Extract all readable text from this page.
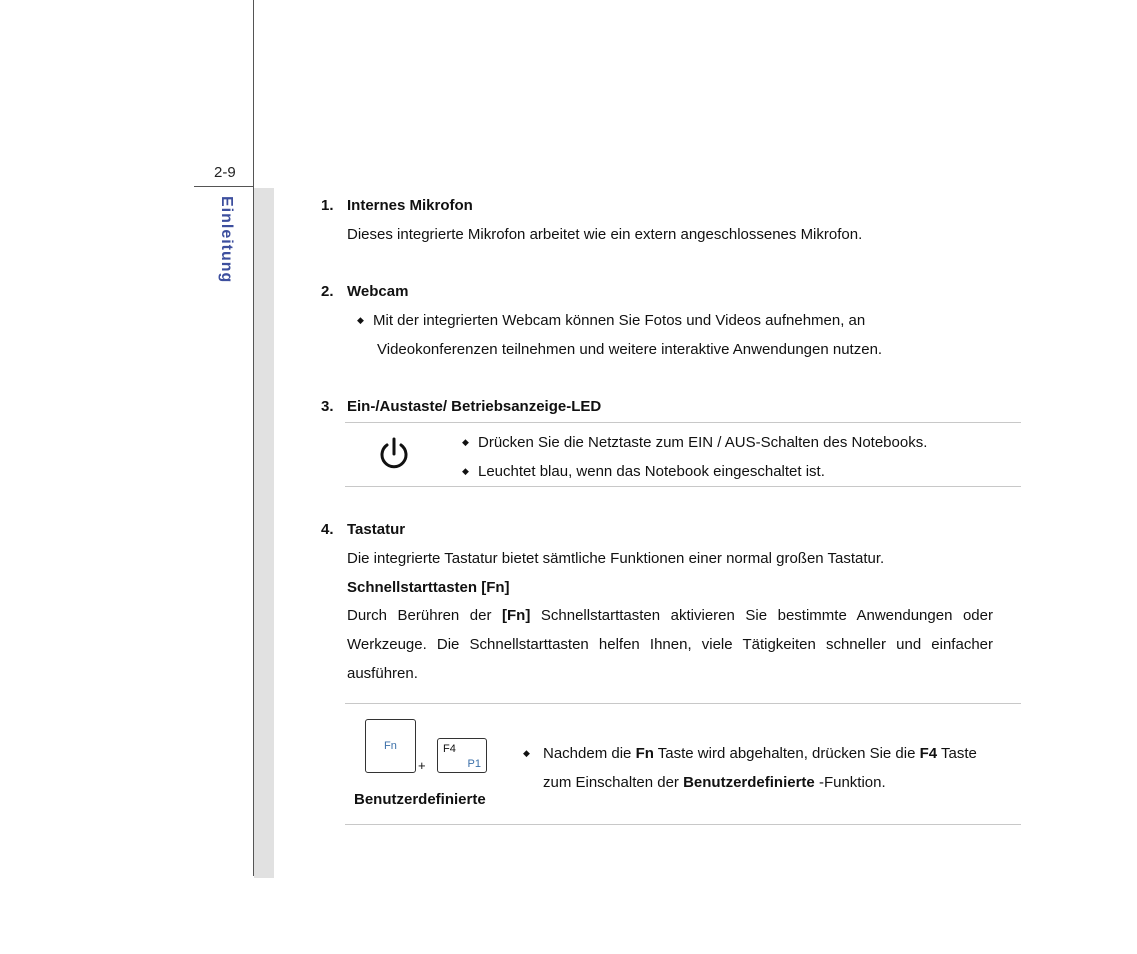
2-9
Einleitung	1. Internes Mikrofon
Dieses integrierte Mikrofon arbeitet wie ein extern angeschlossenes Mikrofon.
2. Webcam
◆ Mit der integrierten Webcam können Sie Fotos und Videos aufnehmen, an
Videokonferenzen teilnehmen und weitere interaktive Anwendungen nutzen.
3. Ein-/Austaste/ Betriebsanzeige-LED
◆ Drücken Sie die Netztaste zum EIN / AUS-Schalten des Notebooks.
◆ Leuchtet blau, wenn das Notebook eingeschaltet ist.
4. Tastatur
Die integrierte Tastatur bietet sämtliche Funktionen einer normal großen Tastatur.
Schnellstarttasten [Fn]
Durch Berühren der [Fn] Schnellstarttasten aktivieren Sie bestimmte Anwendungen oder Werkzeuge. Die Schnellstarttasten helfen Ihnen, viele Tätigkeiten schneller und einfacher ausführen.
Fn
+
F4
P1
Benutzerdefinierte
◆ Nachdem die Fn Taste wird abgehalten, drücken Sie die F4 Taste
zum Einschalten der Benutzerdefinierte -Funktion.
